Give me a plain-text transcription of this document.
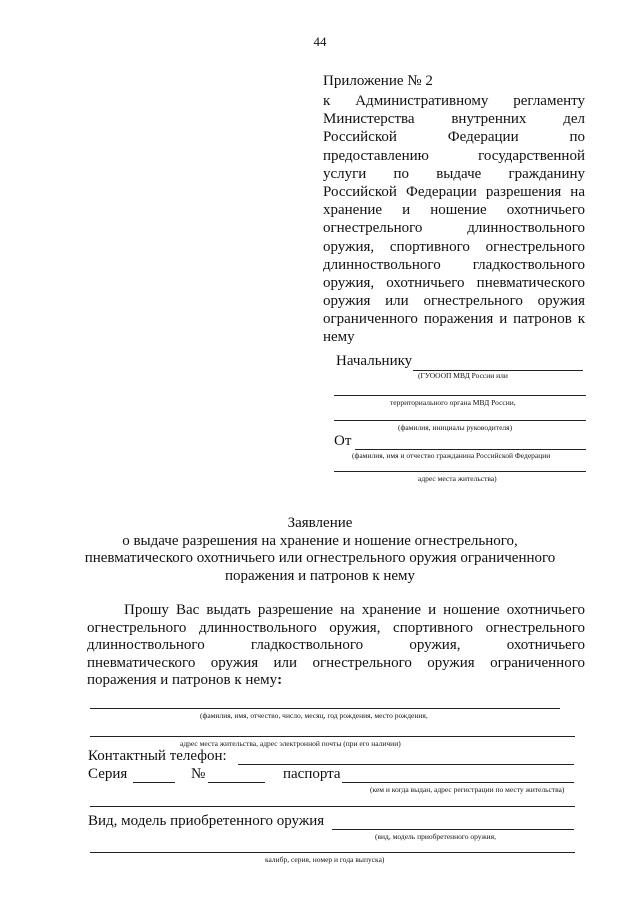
44
Приложение № 2
к Административному регламенту
Министерства внутренних дел
Российской Федерации по
предоставлению государственной
услуги по выдаче гражданину
Российской Федерации разрешения на
хранение и ношение охотничьего
огнестрельного длинноствольного
оружия, спортивного огнестрельного
длинноствольного гладкоствольного
оружия, охотничьего пневматического
оружия или огнестрельного оружия
ограниченного поражения и патронов к
нему
Начальнику
(ГУООOП МВД России или
территориального органа МВД России,
(фамилия, инициалы руководителя)
От
(фамилия, имя и отчество гражданина Российской Федерации
адрес места жительства)
Заявление
о выдаче разрешения на хранение и ношение огнестрельного,
пневматического охотничьего или огнестрельного оружия ограниченного
поражения и патронов к нему
Прошу Вас выдать разрешение на хранение и ношение охотничьего
огнестрельного длинноствольного оружия, спортивного огнестрельного
длинноствольного гладкоствольного оружия, охотничьего
пневматического оружия или огнестрельного оружия ограниченного
поражения и патронов к нему:
(фамилия, имя, отчество, число, месяц, год рождения, место рождения,
адрес места жительства, адрес электронной почты (при его наличии)
Контактный телефон:
Серия	№	паспорта
(кем и когда выдан, адрес регистрации по месту жительства)
Вид, модель приобретенного оружия
(вид, модель приобретенного оружия,
калибр, серия, номер и года выпуска)
